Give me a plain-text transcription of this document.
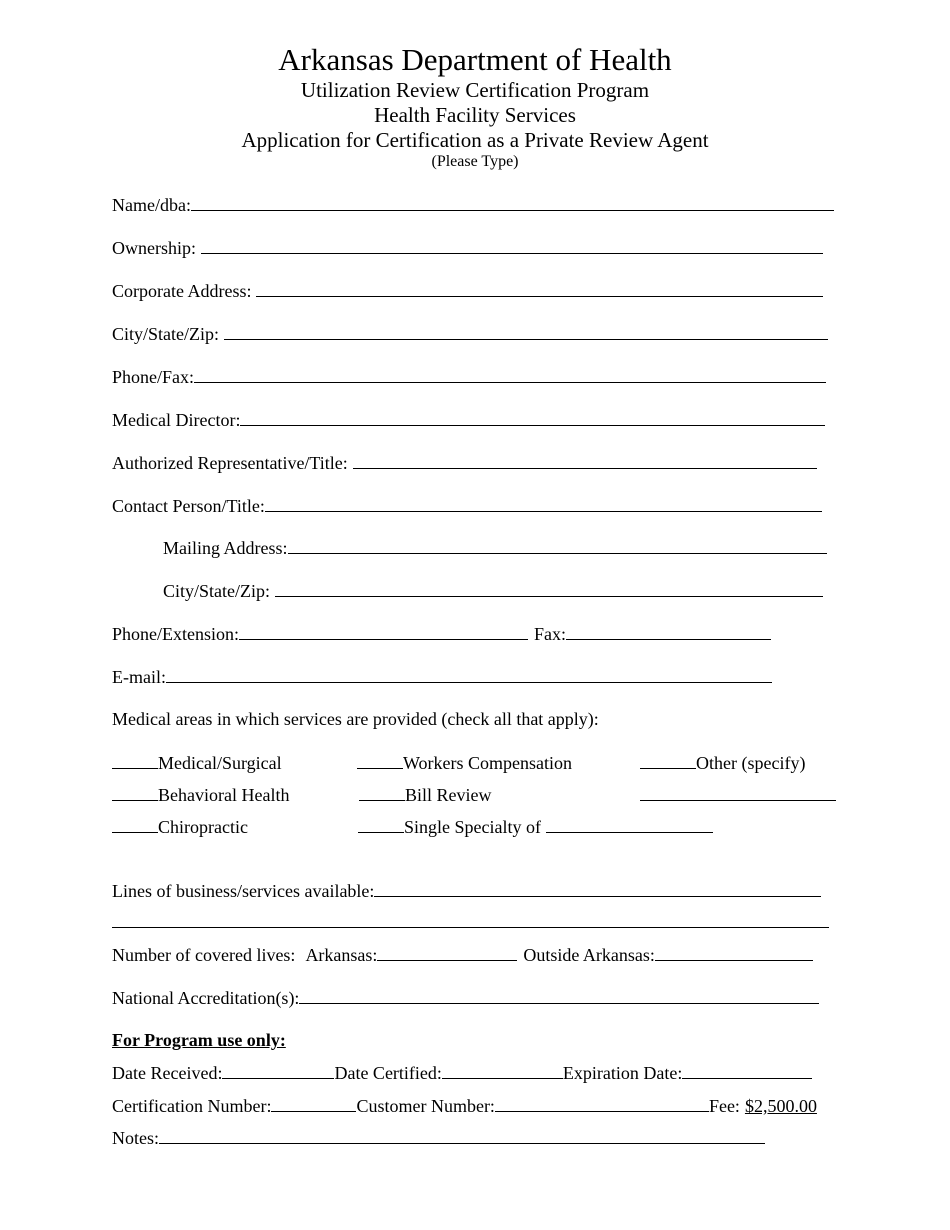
Arkansas Department of Health
Utilization Review Certification Program
Health Facility Services
Application for Certification as a Private Review Agent
(Please Type)
Name/dba:
Ownership:
Corporate Address:
City/State/Zip:
Phone/Fax:
Medical Director:
Authorized Representative/Title:
Contact Person/Title:
Mailing Address:
City/State/Zip:
Phone/Extension:	Fax:
E-mail:
Medical areas in which services are provided (check all that apply):
Medical/Surgical	Workers Compensation	Other (specify)
Behavioral Health	Bill Review
Chiropractic	Single Specialty of
Lines of business/services available:
Number of covered lives: Arkansas:	Outside Arkansas:
National Accreditation(s):
For Program use only:
Date Received:	Date Certified:	Expiration Date:
Certification Number:	Customer Number:	Fee: $2,500.00
Notes:
